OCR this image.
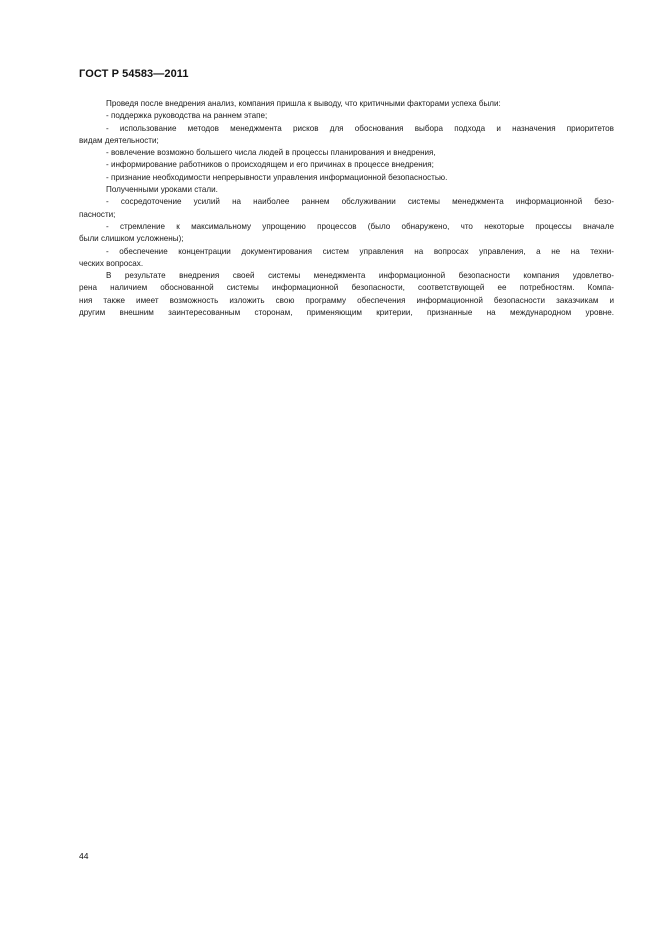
ГОСТ Р 54583—2011
Проведя после внедрения анализ, компания пришла к выводу, что критичными факторами успеха были:
- поддержка руководства на раннем этапе;
- использование методов менеджмента рисков для обоснования выбора подхода и назначения приоритетов
видам деятельности;
- вовлечение возможно большего числа людей в процессы планирования и внедрения,
- информирование работников о происходящем и его причинах в процессе внедрения;
- признание необходимости непрерывности управления информационной безопасностью.
Полученными уроками стали.
- сосредоточение усилий на наиболее раннем обслуживании системы менеджмента информационной безо-
пасности;
- стремление к максимальному упрощению процессов (было обнаружено, что некоторые процессы вначале
были слишком усложнены);
- обеспечение концентрации документирования систем управления на вопросах управления, а не на техни-
ческих вопросах.
В результате внедрения своей системы менеджмента информационной безопасности компания удовлетво-
рена наличием обоснованной системы информационной безопасности, соответствующей ее потребностям. Компа-
ния также имеет возможность изложить свою программу обеспечения информационной безопасности заказчикам и
другим внешним заинтересованным сторонам, применяющим критерии, признанные на международном уровне.
44
